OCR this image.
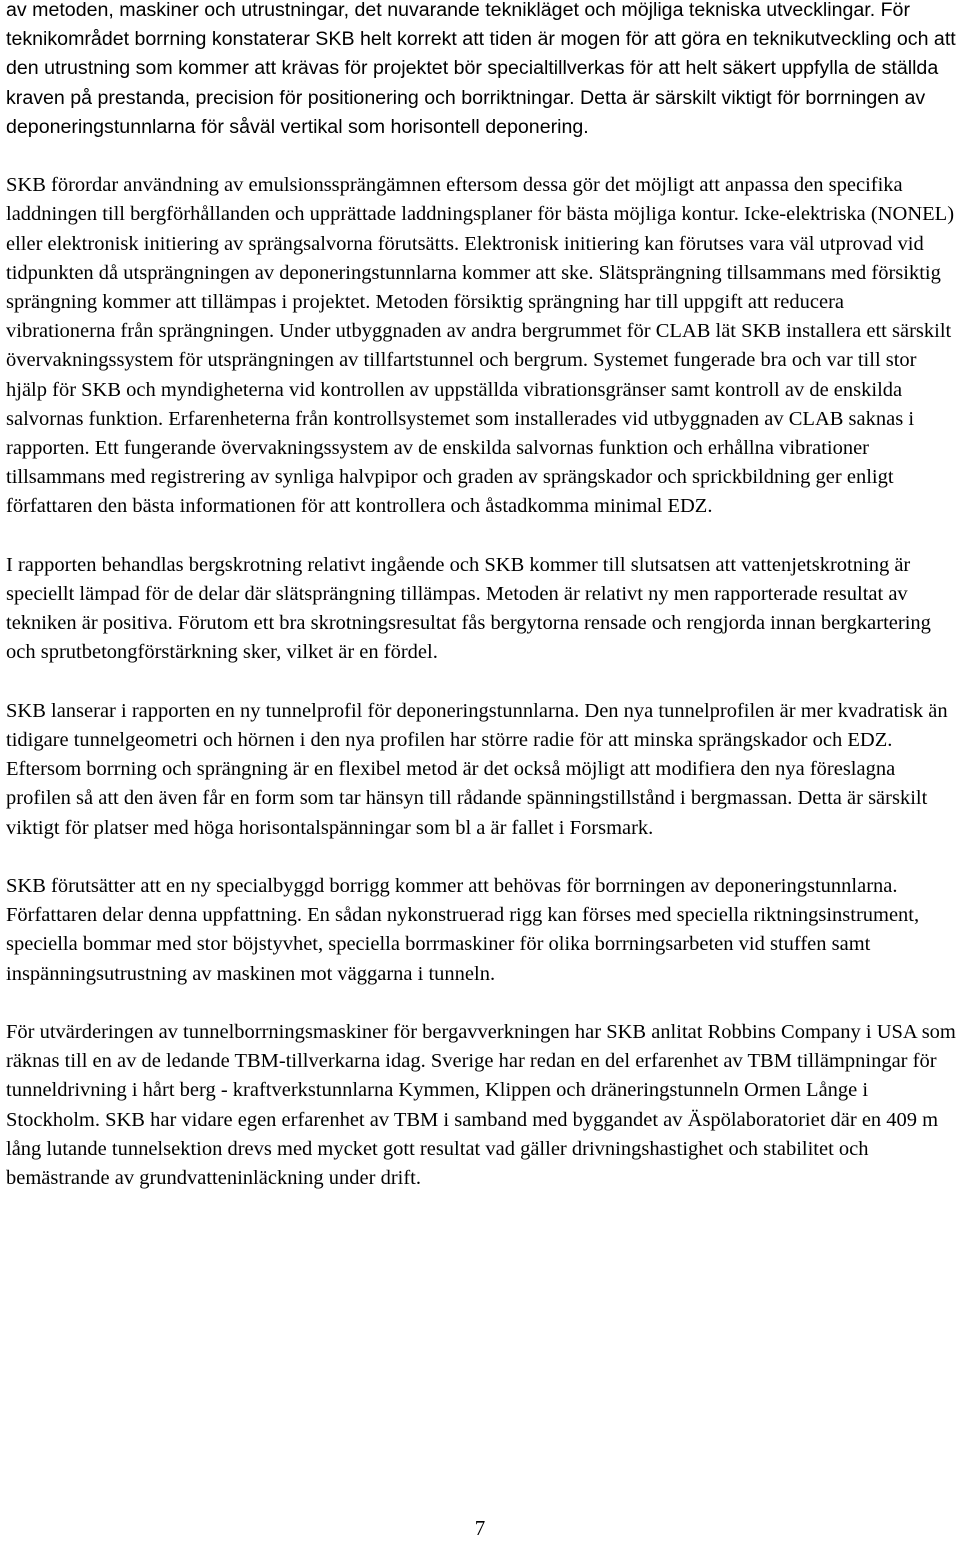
av metoden, maskiner och utrustningar, det nuvarande teknikläget och möjliga tekniska utvecklingar. För teknikområdet borrning konstaterar SKB helt korrekt att tiden är mogen för att göra en teknikutveckling och att den utrustning som kommer att krävas för projektet bör specialtillverkas för att helt säkert uppfylla de ställda kraven på prestanda, precision för positionering och borriktningar. Detta är särskilt viktigt för borrningen av deponeringstunnlarna för såväl vertikal som horisontell deponering.

SKB förordar användning av emulsionssprängämnen eftersom dessa gör det möjligt att anpassa den specifika laddningen till bergförhållanden och upprättade laddningsplaner för bästa möjliga kontur. Icke-elektriska (NONEL) eller elektronisk initiering av sprängsalvorna förutsätts. Elektronisk initiering kan förutses vara väl utprovad vid tidpunkten då utsprängningen av deponeringstunnlarna kommer att ske. Slätsprängning tillsammans med försiktig sprängning kommer att tillämpas i projektet. Metoden försiktig sprängning har till uppgift att reducera vibrationerna från sprängningen. Under utbyggnaden av andra bergrummet för CLAB lät SKB installera ett särskilt övervakningssystem för utsprängningen av tillfartstunnel och bergrum. Systemet fungerade bra och var till stor hjälp för SKB och myndigheterna vid kontrollen av uppställda vibrationsgränser samt kontroll av de enskilda salvornas funktion. Erfarenheterna från kontrollsystemet som installerades vid utbyggnaden av CLAB saknas i rapporten. Ett fungerande övervakningssystem av de enskilda salvornas funktion och erhållna vibrationer tillsammans med registrering av synliga halvpipor och graden av sprängskador och sprickbildning ger enligt författaren den bästa informationen för att kontrollera och åstadkomma minimal EDZ.

I rapporten behandlas bergskrotning relativt ingående och SKB kommer till slutsatsen att vattenjetskrotning är speciellt lämpad för de delar där slätsprängning tillämpas. Metoden är relativt ny men rapporterade resultat av tekniken är positiva. Förutom ett bra skrotningsresultat fås bergytorna rensade och rengjorda innan bergkartering och sprutbetongförstärkning sker, vilket är en fördel.

SKB lanserar i rapporten en ny tunnelprofil för deponeringstunnlarna. Den nya tunnelprofilen är mer kvadratisk än tidigare tunnelgeometri och hörnen i den nya profilen har större radie för att minska sprängskador och EDZ. Eftersom borrning och sprängning är en flexibel metod är det också möjligt att modifiera den nya föreslagna profilen så att den även får en form som tar hänsyn till rådande spänningstillstånd i bergmassan. Detta är särskilt viktigt för platser med höga horisontalspänningar som bl a är fallet i Forsmark.

SKB förutsätter att en ny specialbyggd borrigg kommer att behövas för borrningen av deponeringstunnlarna. Författaren delar denna uppfattning. En sådan nykonstruerad rigg kan förses med speciella riktningsinstrument, speciella bommar med stor böjstyvhet, speciella borrmaskiner för olika borrningsarbeten vid stuffen samt inspänningsutrustning av maskinen mot väggarna i tunneln.

För utvärderingen av tunnelborrningsmaskiner för bergavverkningen har SKB anlitat Robbins Company i USA som räknas till en av de ledande TBM-tillverkarna idag. Sverige har redan en del erfarenhet av TBM tillämpningar för tunneldrivning i hårt berg - kraftverkstunnlarna Kymmen, Klippen och dräneringstunneln Ormen Långe i Stockholm. SKB har vidare egen erfarenhet av TBM i samband med byggandet av Äspölaboratoriet där en 409 m lång lutande tunnelsektion drevs med mycket gott resultat vad gäller drivningshastighet och stabilitet och bemästrande av grundvatteninläckning under drift.

7
